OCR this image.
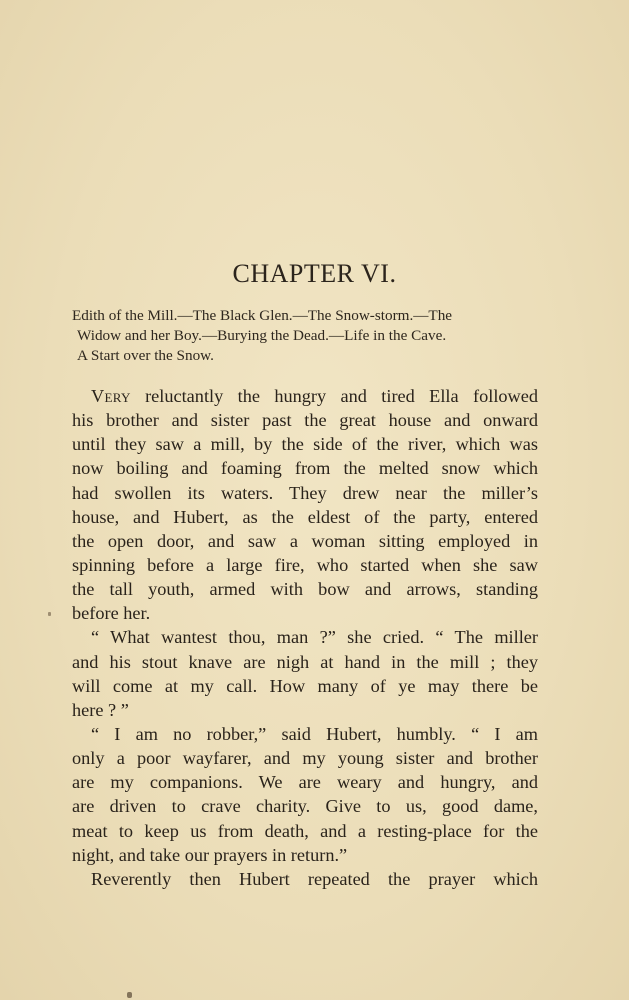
CHAPTER VI.
Edith of the Mill.—The Black Glen.—The Snow-storm.—The
Widow and her Boy.—Burying the Dead.—Life in the Cave.
A Start over the Snow.
Very reluctantly the hungry and tired Ella followed
his brother and sister past the great house and onward
until they saw a mill, by the side of the river, which was
now boiling and foaming from the melted snow which
had swollen its waters. They drew near the miller’s
house, and Hubert, as the eldest of the party, entered
the open door, and saw a woman sitting employed in
spinning before a large fire, who started when she saw
the tall youth, armed with bow and arrows, standing
before her.
“ What wantest thou, man ?” she cried. “ The miller
and his stout knave are nigh at hand in the mill ; they
will come at my call. How many of ye may there be
here ? ”
“ I am no robber,” said Hubert, humbly. “ I am
only a poor wayfarer, and my young sister and brother
are my companions. We are weary and hungry, and
are driven to crave charity. Give to us, good dame,
meat to keep us from death, and a resting-place for the
night, and take our prayers in return.”
Reverently then Hubert repeated the prayer which
